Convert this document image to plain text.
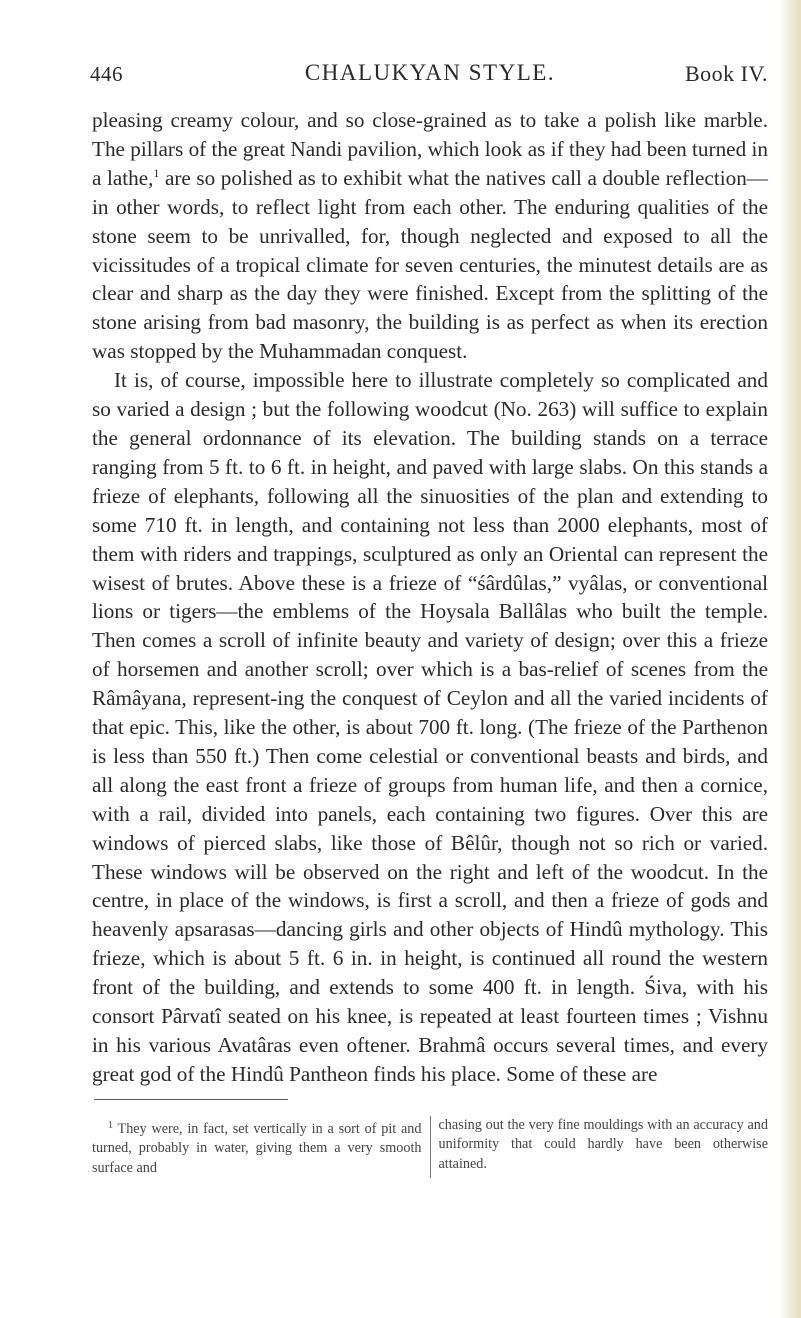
446	CHALUKYAN STYLE.	Book IV.

pleasing creamy colour, and so close-grained as to take a polish like marble. The pillars of the great Nandi pavilion, which look as if they had been turned in a lathe,$^1$ are so polished as to exhibit what the natives call a double reflection—in other words, to reflect light from each other. The enduring qualities of the stone seem to be unrivalled, for, though neglected and exposed to all the vicissitudes of a tropical climate for seven centuries, the minutest details are as clear and sharp as the day they were finished. Except from the splitting of the stone arising from bad masonry, the building is as perfect as when its erection was stopped by the Muhammadan conquest.

It is, of course, impossible here to illustrate completely so complicated and so varied a design ; but the following woodcut (No. 263) will suffice to explain the general ordonnance of its elevation. The building stands on a terrace ranging from 5 ft. to 6 ft. in height, and paved with large slabs. On this stands a frieze of elephants, following all the sinuosities of the plan and extending to some 710 ft. in length, and containing not less than 2000 elephants, most of them with riders and trappings, sculptured as only an Oriental can represent the wisest of brutes. Above these is a frieze of “śârdûlas,” vyâlas, or conventional lions or tigers—the emblems of the Hoysala Ballâlas who built the temple. Then comes a scroll of infinite beauty and variety of design; over this a frieze of horsemen and another scroll; over which is a bas-relief of scenes from the Râmâyana, represent-ing the conquest of Ceylon and all the varied incidents of that epic. This, like the other, is about 700 ft. long. (The frieze of the Parthenon is less than 550 ft.) Then come celestial or conventional beasts and birds, and all along the east front a frieze of groups from human life, and then a cornice, with a rail, divided into panels, each containing two figures. Over this are windows of pierced slabs, like those of Bêlûr, though not so rich or varied. These windows will be observed on the right and left of the woodcut. In the centre, in place of the windows, is first a scroll, and then a frieze of gods and heavenly apsarasas—dancing girls and other objects of Hindû mythology. This frieze, which is about 5 ft. 6 in. in height, is continued all round the western front of the building, and extends to some 400 ft. in length. Śiva, with his consort Pârvatî seated on his knee, is repeated at least fourteen times ; Vishnu in his various Avatâras even oftener. Brahmâ occurs several times, and every great god of the Hindû Pantheon finds his place. Some of these are

$^1$ They were, in fact, set vertically in a sort of pit and turned, probably in water, giving them a very smooth surface and
chasing out the very fine mouldings with an accuracy and uniformity that could hardly have been otherwise attained.
